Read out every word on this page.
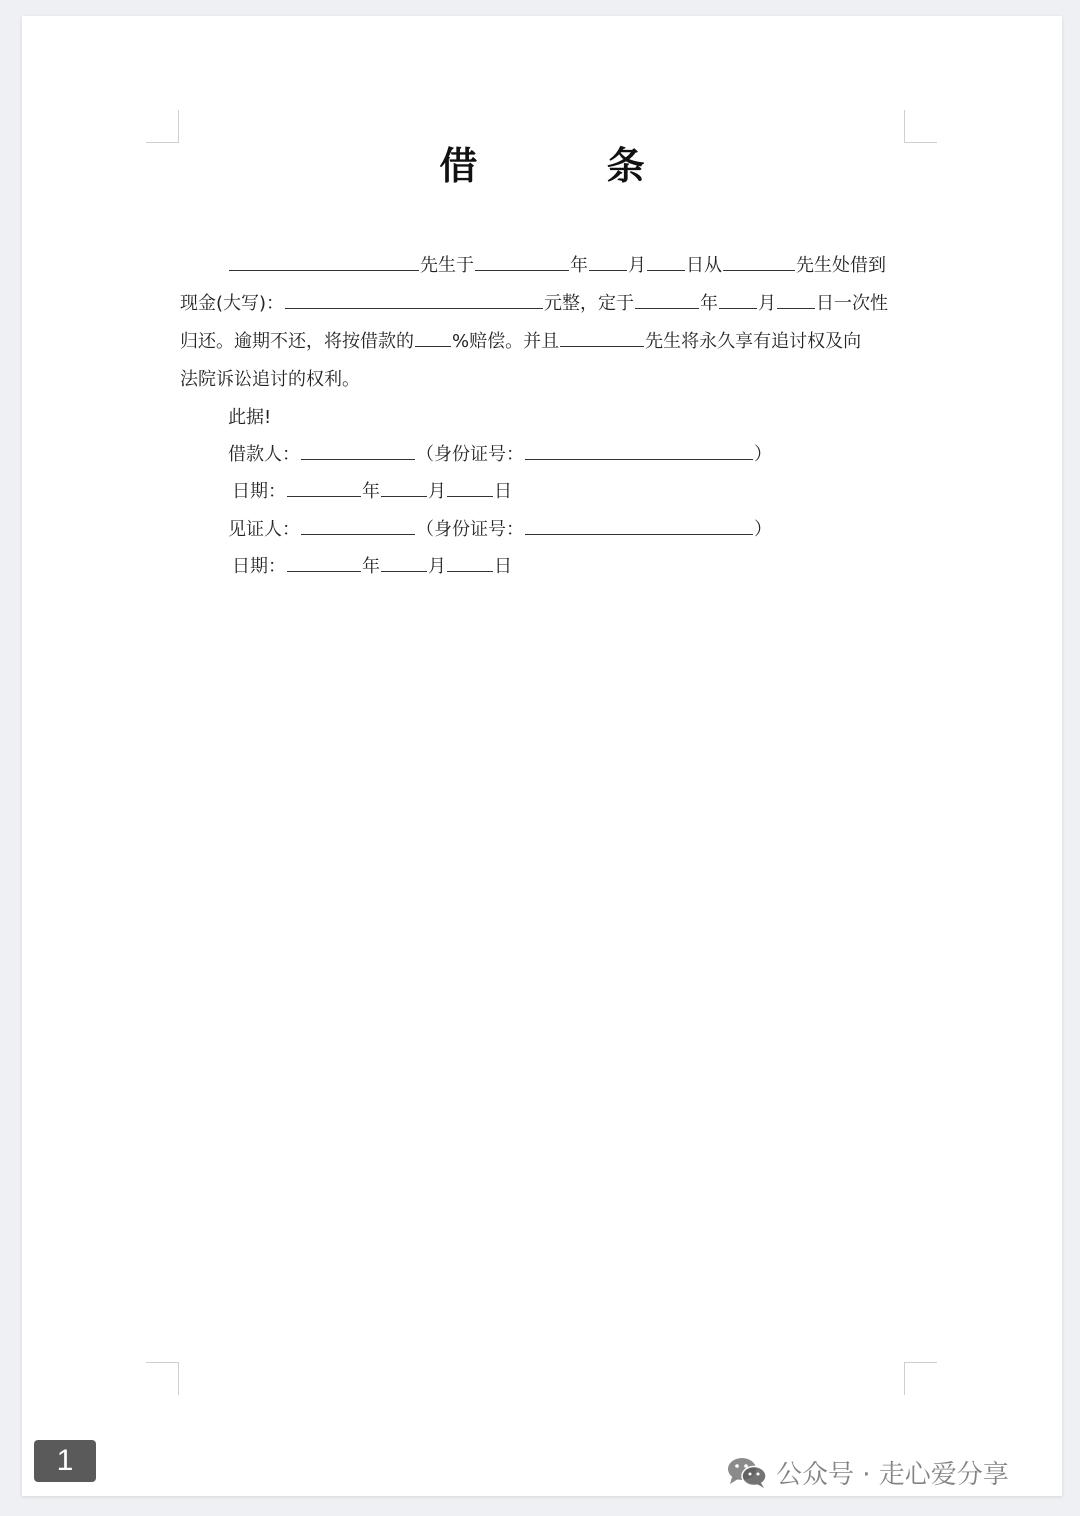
借 条
先生于	年 月 日从	先生处借到
现金(大写)：	元整，定于	年 月 日一次性
归还。逾期不还，将按借款的 %赔偿。并且	先生将永久享有追讨权及向
法院诉讼追讨的权利。
此据!
借款人：	（身份证号：	）
日期：	年	月	日
见证人：	（身份证号：	）
日期：	年	月	日
1	公众号 · 走心爱分享
